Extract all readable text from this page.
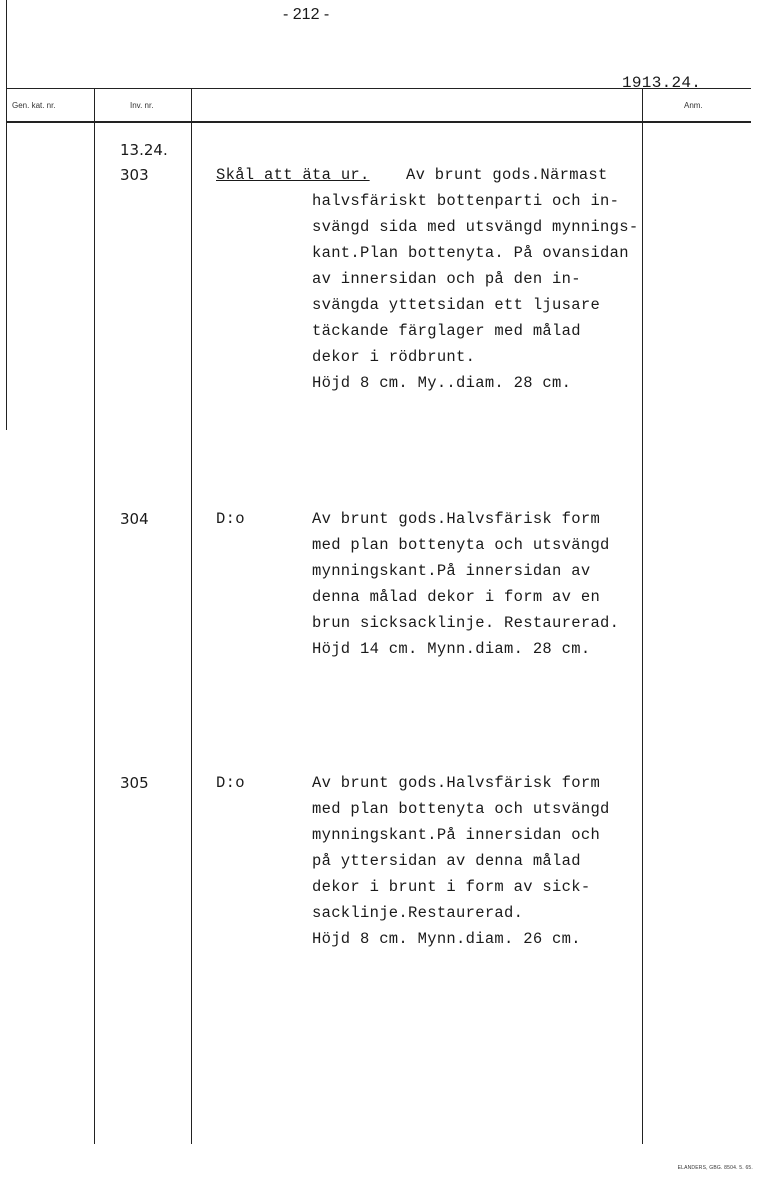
- 212 -
1913.24.
Gen. kat. nr.	Inv. nr.	Anm.
13.24.
303	Skål att äta ur. Av brunt gods.Närmast
halvsfäriskt bottenparti och in-
svängd sida med utsvängd mynnings-
kant.Plan bottenyta. På ovansidan
av innersidan och på den in-
svängda yttetsidan ett ljusare
täckande färglager med målad
dekor i rödbrunt.
Höjd 8 cm. My..diam. 28 cm.
304	D:o	Av brunt gods.Halvsfärisk form
med plan bottenyta och utsvängd
mynningskant.På innersidan av
denna målad dekor i form av en
brun sicksacklinje. Restaurerad.
Höjd 14 cm. Mynn.diam. 28 cm.
305	D:o	Av brunt gods.Halvsfärisk form
med plan bottenyta och utsvängd
mynningskant.På innersidan och
på yttersidan av denna målad
dekor i brunt i form av sick-
sacklinje.Restaurerad.
Höjd 8 cm. Mynn.diam. 26 cm.
ELANDERS, GBG. 8504. 5. 65.
